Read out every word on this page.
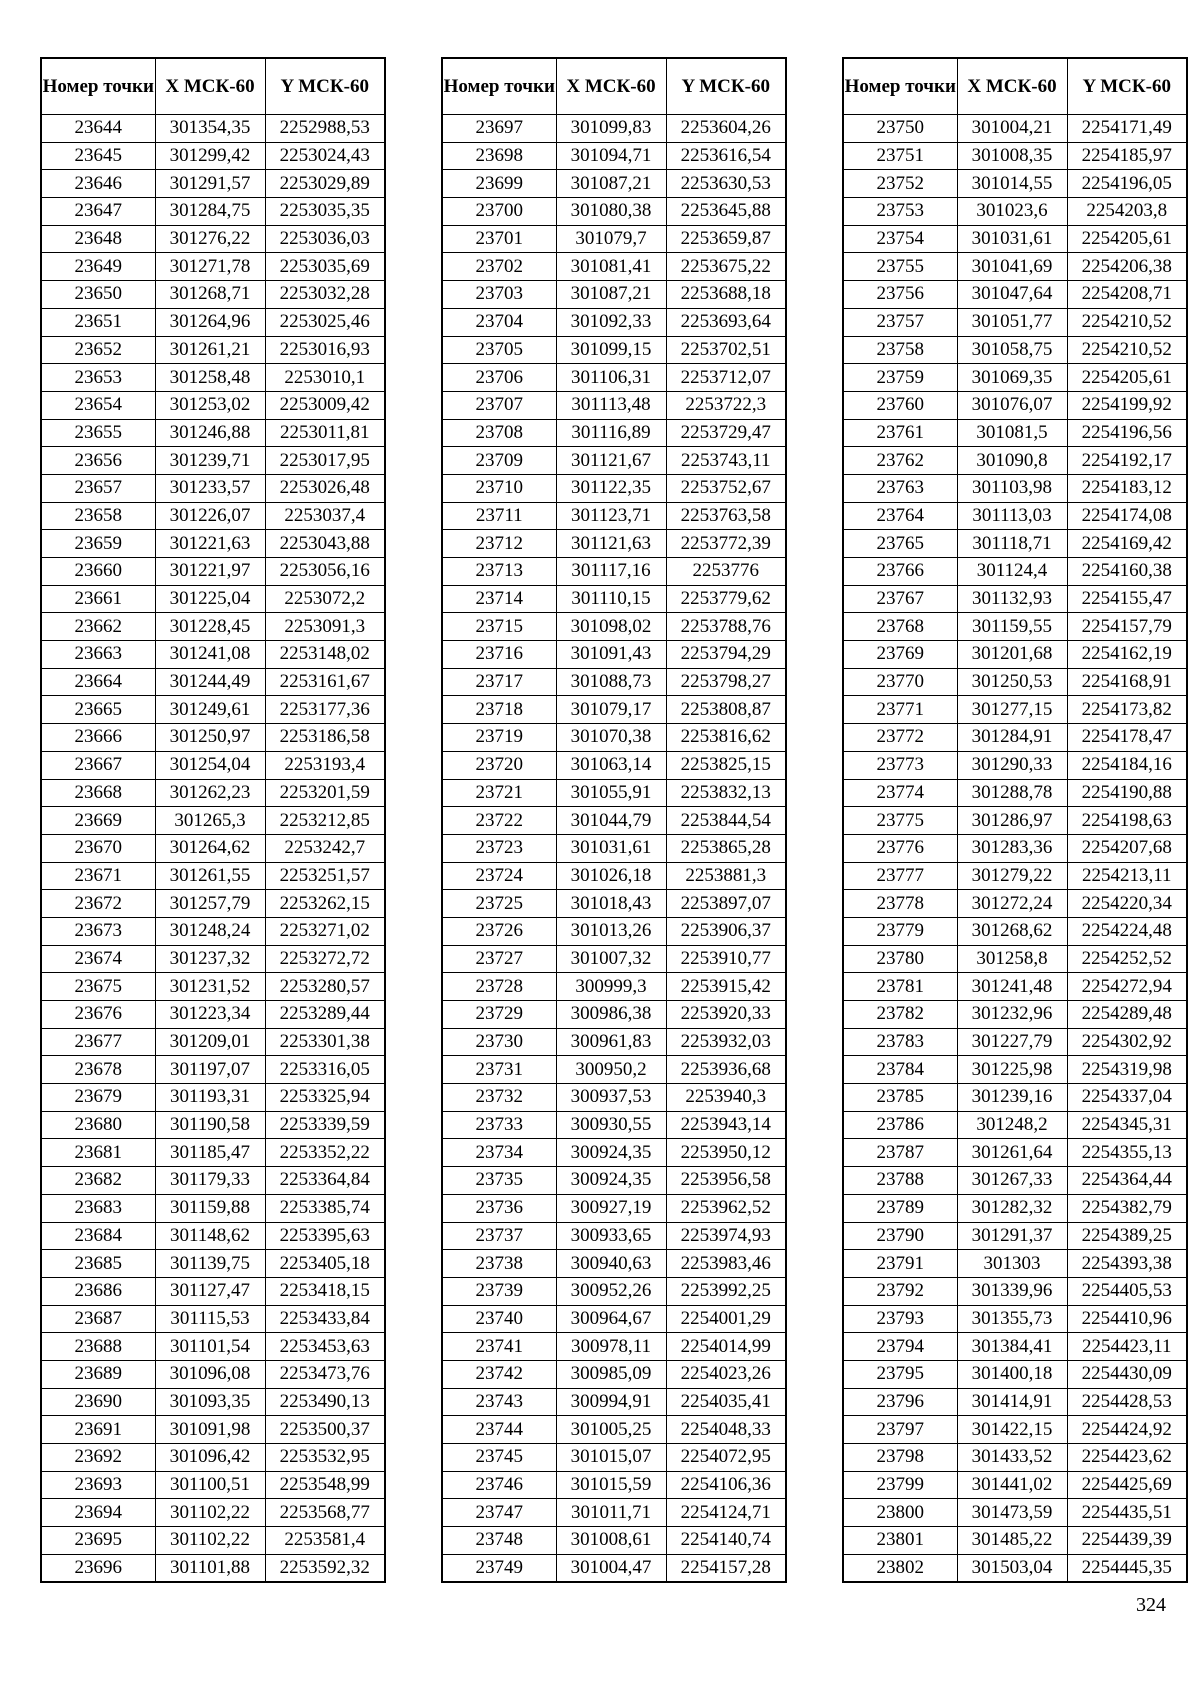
Номер точки	X МСК-60	Y МСК-60
23644	301354,35	2252988,53
23645	301299,42	2253024,43
23646	301291,57	2253029,89
23647	301284,75	2253035,35
23648	301276,22	2253036,03
23649	301271,78	2253035,69
23650	301268,71	2253032,28
23651	301264,96	2253025,46
23652	301261,21	2253016,93
23653	301258,48	2253010,1
23654	301253,02	2253009,42
23655	301246,88	2253011,81
23656	301239,71	2253017,95
23657	301233,57	2253026,48
23658	301226,07	2253037,4
23659	301221,63	2253043,88
23660	301221,97	2253056,16
23661	301225,04	2253072,2
23662	301228,45	2253091,3
23663	301241,08	2253148,02
23664	301244,49	2253161,67
23665	301249,61	2253177,36
23666	301250,97	2253186,58
23667	301254,04	2253193,4
23668	301262,23	2253201,59
23669	301265,3	2253212,85
23670	301264,62	2253242,7
23671	301261,55	2253251,57
23672	301257,79	2253262,15
23673	301248,24	2253271,02
23674	301237,32	2253272,72
23675	301231,52	2253280,57
23676	301223,34	2253289,44
23677	301209,01	2253301,38
23678	301197,07	2253316,05
23679	301193,31	2253325,94
23680	301190,58	2253339,59
23681	301185,47	2253352,22
23682	301179,33	2253364,84
23683	301159,88	2253385,74
23684	301148,62	2253395,63
23685	301139,75	2253405,18
23686	301127,47	2253418,15
23687	301115,53	2253433,84
23688	301101,54	2253453,63
23689	301096,08	2253473,76
23690	301093,35	2253490,13
23691	301091,98	2253500,37
23692	301096,42	2253532,95
23693	301100,51	2253548,99
23694	301102,22	2253568,77
23695	301102,22	2253581,4
23696	301101,88	2253592,32
Номер точки	X МСК-60	Y МСК-60
23697	301099,83	2253604,26
23698	301094,71	2253616,54
23699	301087,21	2253630,53
23700	301080,38	2253645,88
23701	301079,7	2253659,87
23702	301081,41	2253675,22
23703	301087,21	2253688,18
23704	301092,33	2253693,64
23705	301099,15	2253702,51
23706	301106,31	2253712,07
23707	301113,48	2253722,3
23708	301116,89	2253729,47
23709	301121,67	2253743,11
23710	301122,35	2253752,67
23711	301123,71	2253763,58
23712	301121,63	2253772,39
23713	301117,16	2253776
23714	301110,15	2253779,62
23715	301098,02	2253788,76
23716	301091,43	2253794,29
23717	301088,73	2253798,27
23718	301079,17	2253808,87
23719	301070,38	2253816,62
23720	301063,14	2253825,15
23721	301055,91	2253832,13
23722	301044,79	2253844,54
23723	301031,61	2253865,28
23724	301026,18	2253881,3
23725	301018,43	2253897,07
23726	301013,26	2253906,37
23727	301007,32	2253910,77
23728	300999,3	2253915,42
23729	300986,38	2253920,33
23730	300961,83	2253932,03
23731	300950,2	2253936,68
23732	300937,53	2253940,3
23733	300930,55	2253943,14
23734	300924,35	2253950,12
23735	300924,35	2253956,58
23736	300927,19	2253962,52
23737	300933,65	2253974,93
23738	300940,63	2253983,46
23739	300952,26	2253992,25
23740	300964,67	2254001,29
23741	300978,11	2254014,99
23742	300985,09	2254023,26
23743	300994,91	2254035,41
23744	301005,25	2254048,33
23745	301015,07	2254072,95
23746	301015,59	2254106,36
23747	301011,71	2254124,71
23748	301008,61	2254140,74
23749	301004,47	2254157,28
Номер точки	X МСК-60	Y МСК-60
23750	301004,21	2254171,49
23751	301008,35	2254185,97
23752	301014,55	2254196,05
23753	301023,6	2254203,8
23754	301031,61	2254205,61
23755	301041,69	2254206,38
23756	301047,64	2254208,71
23757	301051,77	2254210,52
23758	301058,75	2254210,52
23759	301069,35	2254205,61
23760	301076,07	2254199,92
23761	301081,5	2254196,56
23762	301090,8	2254192,17
23763	301103,98	2254183,12
23764	301113,03	2254174,08
23765	301118,71	2254169,42
23766	301124,4	2254160,38
23767	301132,93	2254155,47
23768	301159,55	2254157,79
23769	301201,68	2254162,19
23770	301250,53	2254168,91
23771	301277,15	2254173,82
23772	301284,91	2254178,47
23773	301290,33	2254184,16
23774	301288,78	2254190,88
23775	301286,97	2254198,63
23776	301283,36	2254207,68
23777	301279,22	2254213,11
23778	301272,24	2254220,34
23779	301268,62	2254224,48
23780	301258,8	2254252,52
23781	301241,48	2254272,94
23782	301232,96	2254289,48
23783	301227,79	2254302,92
23784	301225,98	2254319,98
23785	301239,16	2254337,04
23786	301248,2	2254345,31
23787	301261,64	2254355,13
23788	301267,33	2254364,44
23789	301282,32	2254382,79
23790	301291,37	2254389,25
23791	301303	2254393,38
23792	301339,96	2254405,53
23793	301355,73	2254410,96
23794	301384,41	2254423,11
23795	301400,18	2254430,09
23796	301414,91	2254428,53
23797	301422,15	2254424,92
23798	301433,52	2254423,62
23799	301441,02	2254425,69
23800	301473,59	2254435,51
23801	301485,22	2254439,39
23802	301503,04	2254445,35
324
